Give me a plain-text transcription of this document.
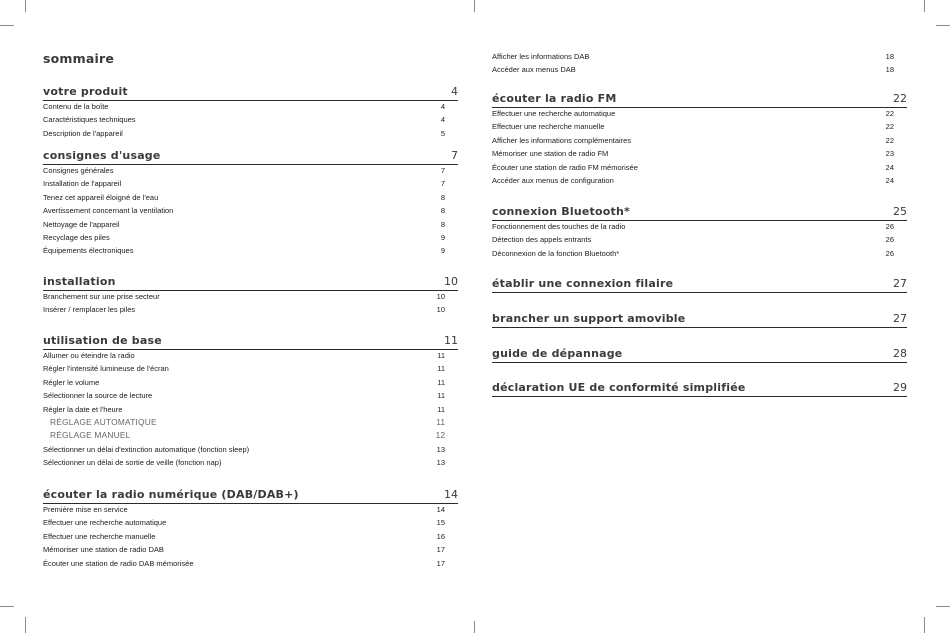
sommaire
votre produit	4
Contenu de la boîte	4
Caractéristiques techniques	4
Description de l'appareil	5
consignes d'usage	7
Consignes générales	7
Installation de l'appareil	7
Tenez cet appareil éloigné de l'eau	8
Avertissement concernant la ventilation	8
Nettoyage de l'appareil	8
Recyclage des piles	9
Équipements électroniques	9
installation	10
Branchement sur une prise secteur	10
Insérer / remplacer les piles	10
utilisation de base	11
Allumer ou éteindre la radio	11
Régler l'intensité lumineuse de l'écran	11
Régler le volume	11
Sélectionner la source de lecture	11
Régler la date et l'heure	11
RÉGLAGE AUTOMATIQUE	11
RÉGLAGE MANUEL	12
Sélectionner un délai d'extinction automatique (fonction sleep)	13
Sélectionner un délai de sortie de veille (fonction nap)	13
écouter la radio numérique (DAB/DAB+)	14
Première mise en service	14
Effectuer une recherche automatique	15
Effectuer une recherche manuelle	16
Mémoriser une station de radio DAB	17
Écouter une station de radio DAB mémorisée	17
Afficher les informations DAB	18
Accéder aux menus DAB	18
écouter la radio FM	22
Effectuer une recherche automatique	22
Effectuer une recherche manuelle	22
Afficher les informations complémentaires	22
Mémoriser une station de radio FM	23
Écouter une station de radio FM mémorisée	24
Accéder aux menus de configuration	24
connexion Bluetooth*	25
Fonctionnement des touches de la radio	26
Détection des appels entrants	26
Déconnexion de la fonction Bluetooth*	26
établir une connexion filaire	27
brancher un support amovible	27
guide de dépannage	28
déclaration UE de conformité simplifiée	29
